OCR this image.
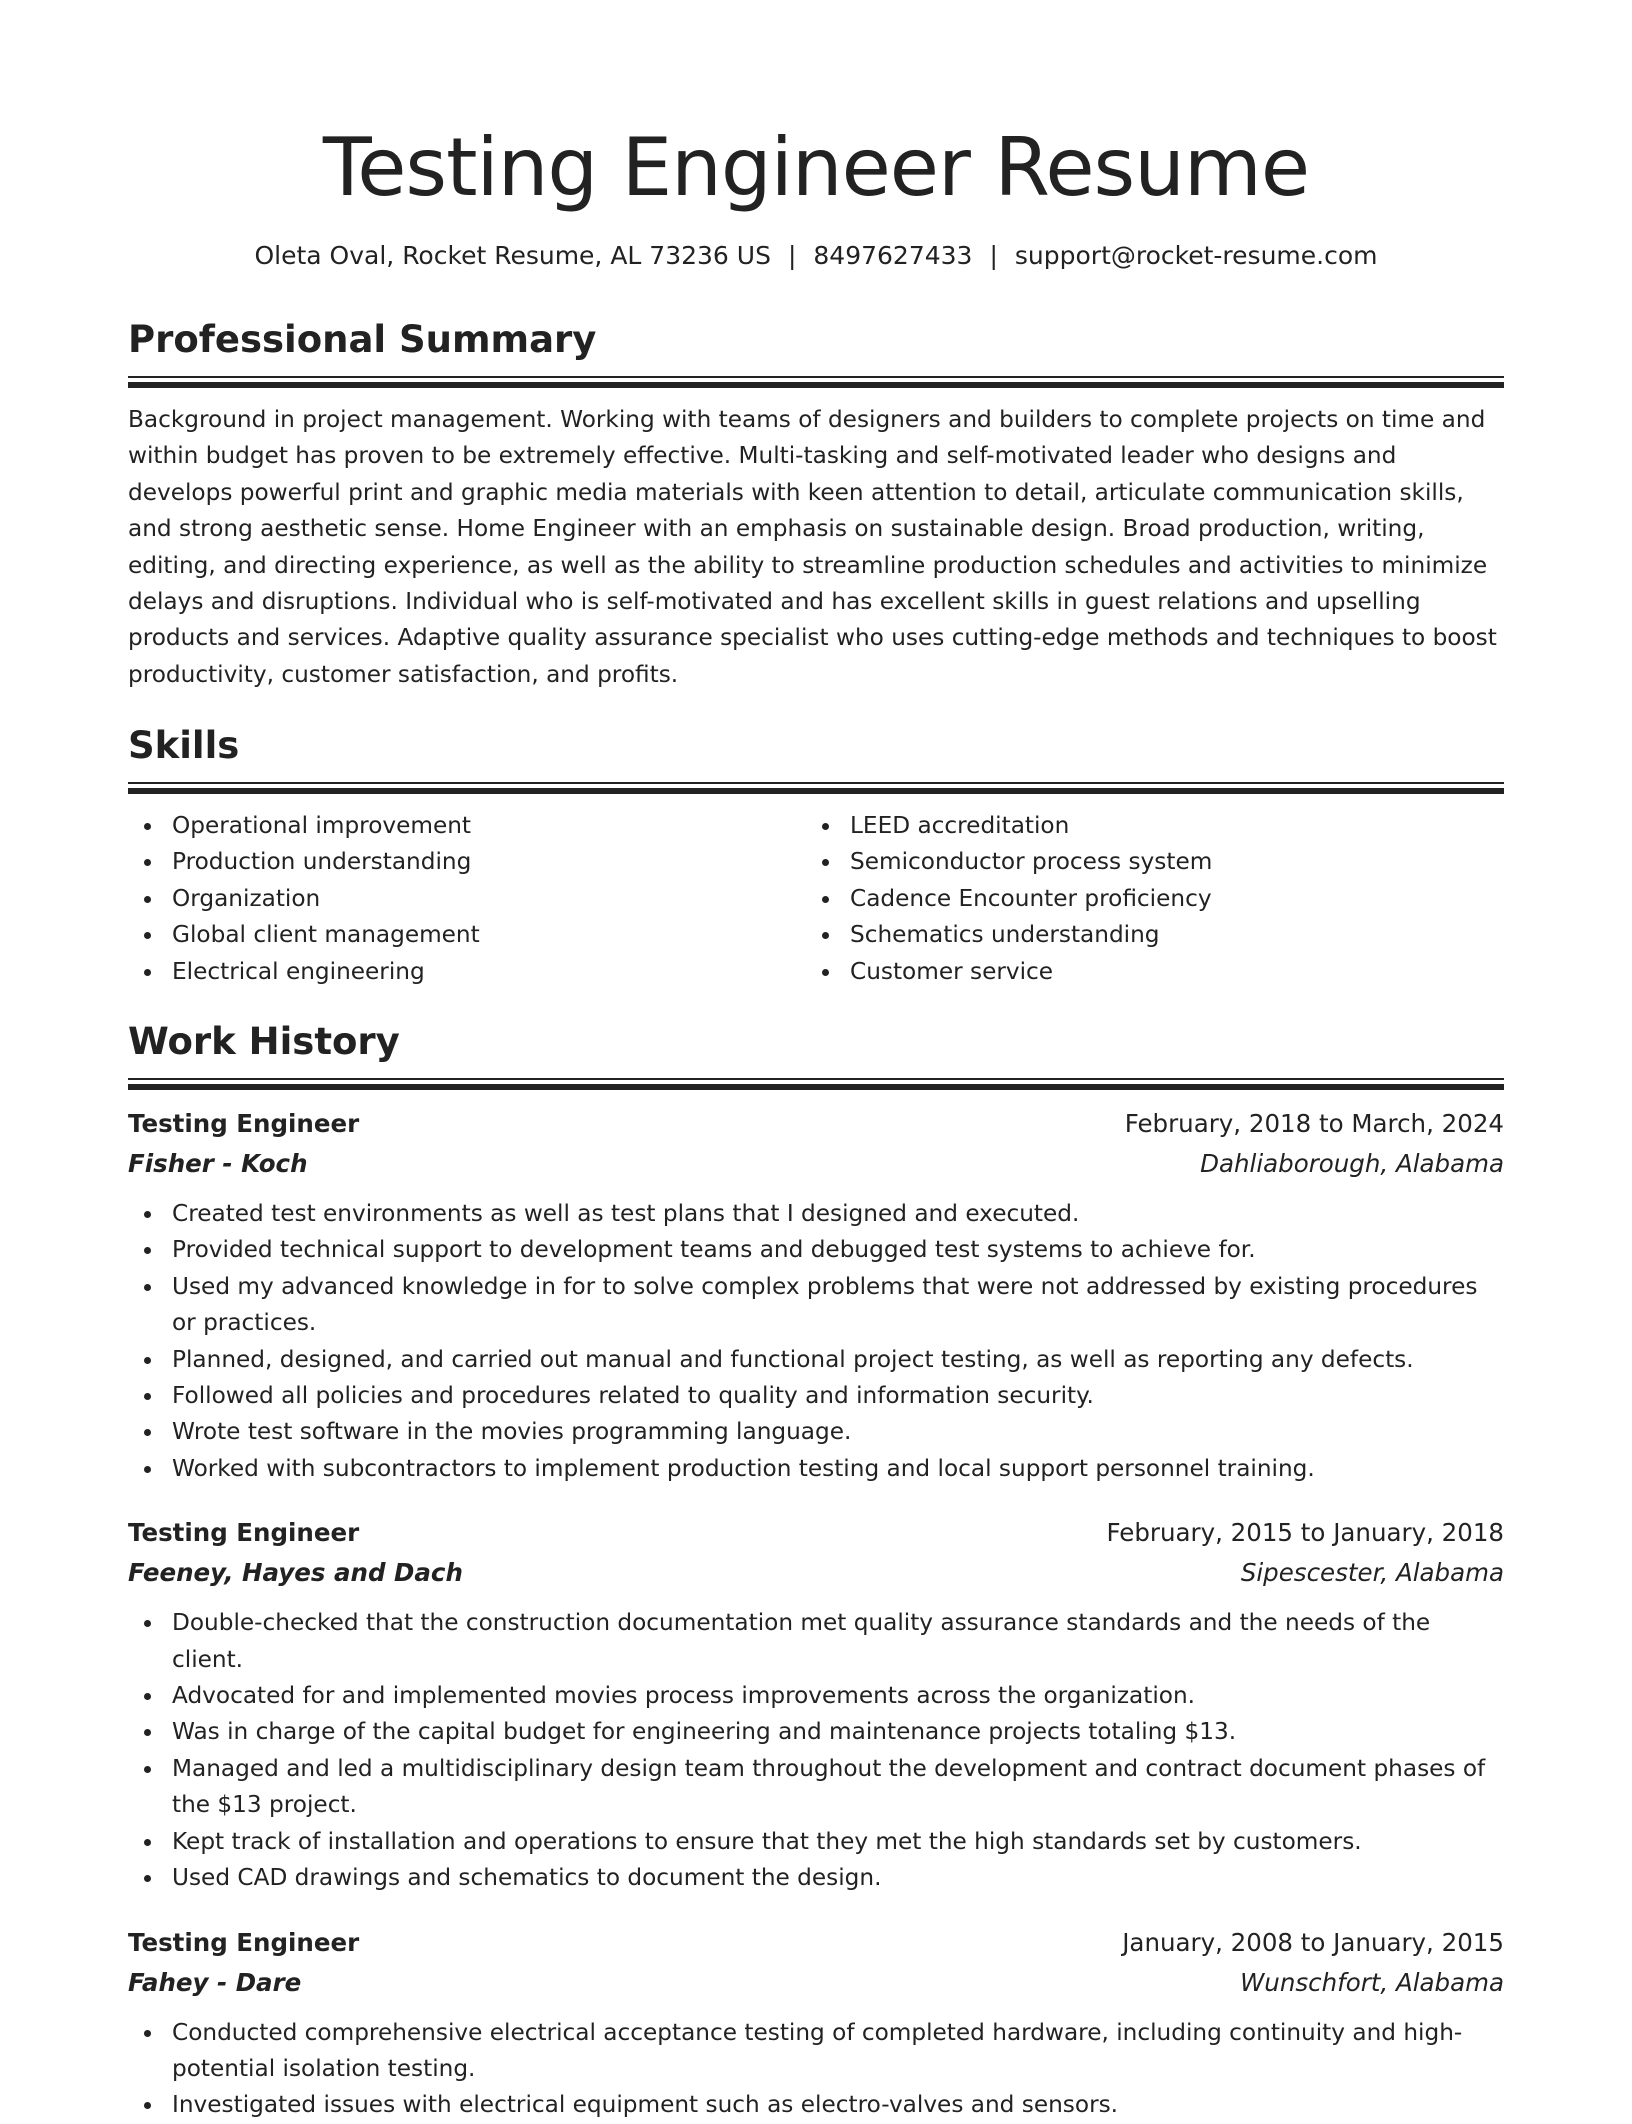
Testing Engineer Resume
Oleta Oval, Rocket Resume, AL 73236 US | 8497627433 | support@rocket-resume.com
Professional Summary

Background in project management. Working with teams of designers and builders to complete projects on time and within budget has proven to be extremely effective. Multi-tasking and self-motivated leader who designs and develops powerful print and graphic media materials with keen attention to detail, articulate communication skills, and strong aesthetic sense. Home Engineer with an emphasis on sustainable design. Broad production, writing, editing, and directing experience, as well as the ability to streamline production schedules and activities to minimize delays and disruptions. Individual who is self-motivated and has excellent skills in guest relations and upselling products and services. Adaptive quality assurance specialist who uses cutting-edge methods and techniques to boost productivity, customer satisfaction, and profits.

Skills
Operational improvement
Production understanding
Organization
Global client management
Electrical engineering
LEED accreditation
Semiconductor process system
Cadence Encounter proficiency
Schematics understanding
Customer service
Work History
Testing Engineer	February, 2018 to March, 2024
Fisher - Koch	Dahliaborough, Alabama
Created test environments as well as test plans that I designed and executed.
Provided technical support to development teams and debugged test systems to achieve for.
Used my advanced knowledge in for to solve complex problems that were not addressed by existing procedures or practices.
Planned, designed, and carried out manual and functional project testing, as well as reporting any defects.
Followed all policies and procedures related to quality and information security.
Wrote test software in the movies programming language.
Worked with subcontractors to implement production testing and local support personnel training.
Testing Engineer	February, 2015 to January, 2018
Feeney, Hayes and Dach	Sipescester, Alabama
Double-checked that the construction documentation met quality assurance standards and the needs of the client.
Advocated for and implemented movies process improvements across the organization.
Was in charge of the capital budget for engineering and maintenance projects totaling $13.
Managed and led a multidisciplinary design team throughout the development and contract document phases of the $13 project.
Kept track of installation and operations to ensure that they met the high standards set by customers.
Used CAD drawings and schematics to document the design.
Testing Engineer	January, 2008 to January, 2015
Fahey - Dare	Wunschfort, Alabama
Conducted comprehensive electrical acceptance testing of completed hardware, including continuity and high-potential isolation testing.
Investigated issues with electrical equipment such as electro-valves and sensors.
